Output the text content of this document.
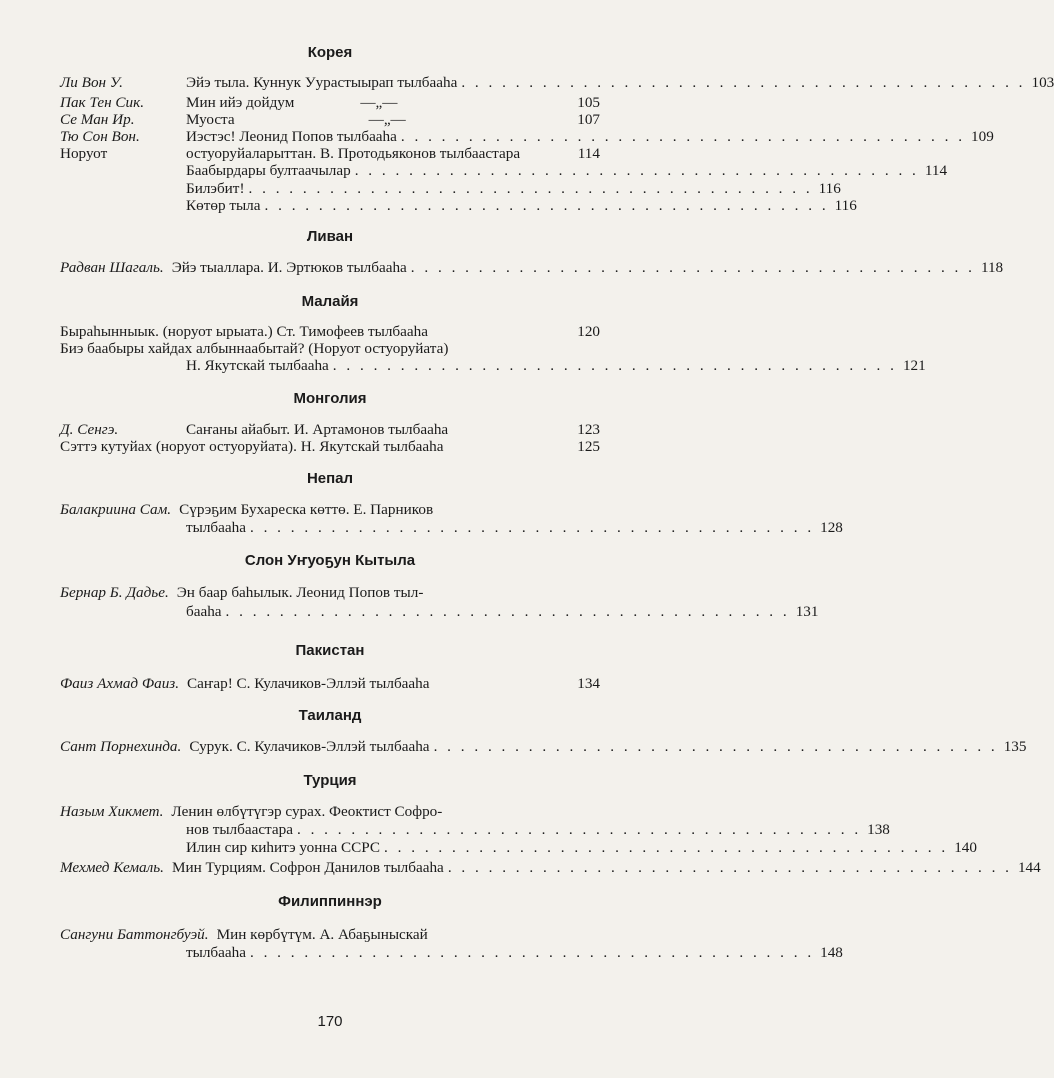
Корея
Ли Вон У.	Эйэ тыла. Куннук Уурастыырап тылбааһа . . .	103
Пак Тен Сик.	Мин ийэ дойдум	—„—	105
Се Ман Ир.	Муоста	—„—	107
Тю Сон Вон.	Иэстэс! Леонид Попов тылбааһа . . .	109
Норуот	остуоруйаларыттан. В. Протодьяконов тылбаастара	114
Баабырдары бултаачылар . . .	114
Билэбит! . . .	116
Көтөр тыла . . .	116
Ливан
Радван Шагаль. Эйэ тыаллара. И. Эртюков тылбааһа . . .	118
Малайя
Быраһынныык. (норуот ырыата.) Ст. Тимофеев тылбааһа	120
Биэ баабыры хайдах албыннаабытай? (Норуот остуоруйата)
Н. Якутскай тылбааһа . . .	121
Монголия
Д. Сенгэ.	Саҥаны айабыт. И. Артамонов тылбааһа	123
Сэттэ кутуйах (норуот остуоруйата). Н. Якутскай тылбааһа	125
Непал
Балакриина Сам. Сүрэҕим Бухареска көттө. Е. Парников
тылбааһа . . .	128
Слон Уҥуоҕун Кытыла
Бернар Б. Дадье. Эн баар баһылык. Леонид Попов тыл-
бааһа . . .	131
Пакистан
Фаиз Ахмад Фаиз. Саҥар! С. Кулачиков-Эллэй тылбааһа	134
Таиланд
Сант Порнехинда. Сурук. С. Кулачиков-Эллэй тылбааһа . . .	135
Турция
Назым Хикмет. Ленин өлбүтүгэр сурах. Феоктист Софро-
нов тылбаастара . . .	138
Илин сир киһитэ уонна ССРС . . .	140
Мехмед Кемаль. Мин Турциям. Софрон Данилов тылбааһа . . .	144
Филиппиннэр
Сангуни Баттонгбуэй. Мин көрбүтүм. А. Абаҕыныскай
тылбааһа . . .	148
170
